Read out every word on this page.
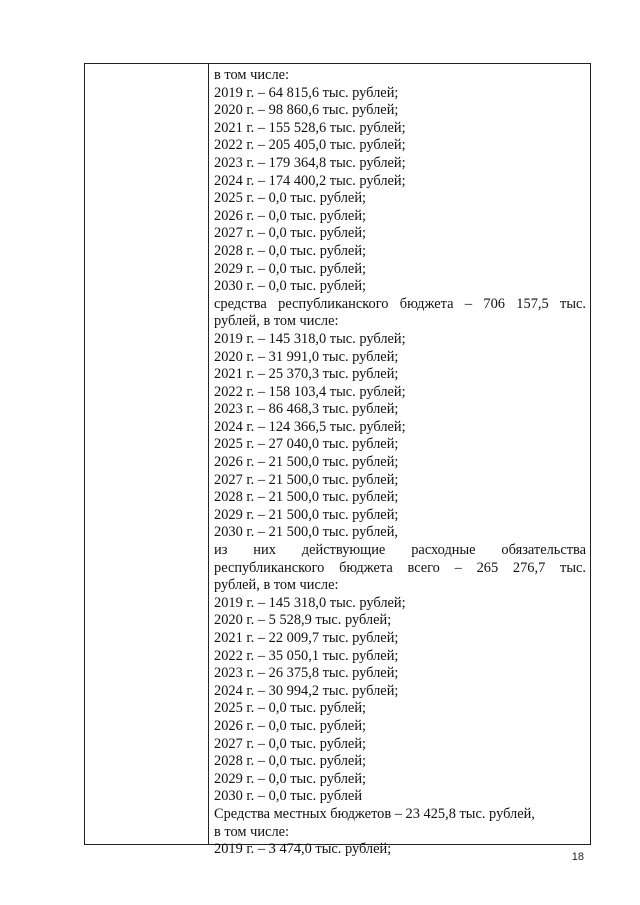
в том числе:
2019 г. – 64 815,6 тыс. рублей;
2020 г. – 98 860,6 тыс. рублей;
2021 г. – 155 528,6 тыс. рублей;
2022 г. – 205 405,0 тыс. рублей;
2023 г. – 179 364,8 тыс. рублей;
2024 г. – 174 400,2 тыс. рублей;
2025 г. – 0,0 тыс. рублей;
2026 г. – 0,0 тыс. рублей;
2027 г. – 0,0 тыс. рублей;
2028 г. – 0,0 тыс. рублей;
2029 г. – 0,0 тыс. рублей;
2030 г. – 0,0 тыс. рублей;
средства республиканского бюджета – 706 157,5 тыс.
рублей, в том числе:
2019 г. – 145 318,0 тыс. рублей;
2020 г. – 31 991,0 тыс. рублей;
2021 г. – 25 370,3 тыс. рублей;
2022 г. – 158 103,4 тыс. рублей;
2023 г. – 86 468,3 тыс. рублей;
2024 г. – 124 366,5 тыс. рублей;
2025 г. – 27 040,0 тыс. рублей;
2026 г. – 21 500,0 тыс. рублей;
2027 г. – 21 500,0 тыс. рублей;
2028 г. – 21 500,0 тыс. рублей;
2029 г. – 21 500,0 тыс. рублей;
2030 г. – 21 500,0 тыс. рублей,
из них действующие расходные обязательства
республиканского бюджета всего – 265 276,7 тыс.
рублей, в том числе:
2019 г. – 145 318,0 тыс. рублей;
2020 г. – 5 528,9 тыс. рублей;
2021 г. – 22 009,7 тыс. рублей;
2022 г. – 35 050,1 тыс. рублей;
2023 г. – 26 375,8 тыс. рублей;
2024 г. – 30 994,2 тыс. рублей;
2025 г. – 0,0 тыс. рублей;
2026 г. – 0,0 тыс. рублей;
2027 г. – 0,0 тыс. рублей;
2028 г. – 0,0 тыс. рублей;
2029 г. – 0,0 тыс. рублей;
2030 г. – 0,0 тыс. рублей
Средства местных бюджетов – 23 425,8 тыс. рублей,
в том числе:
2019 г. – 3 474,0 тыс. рублей;	18
